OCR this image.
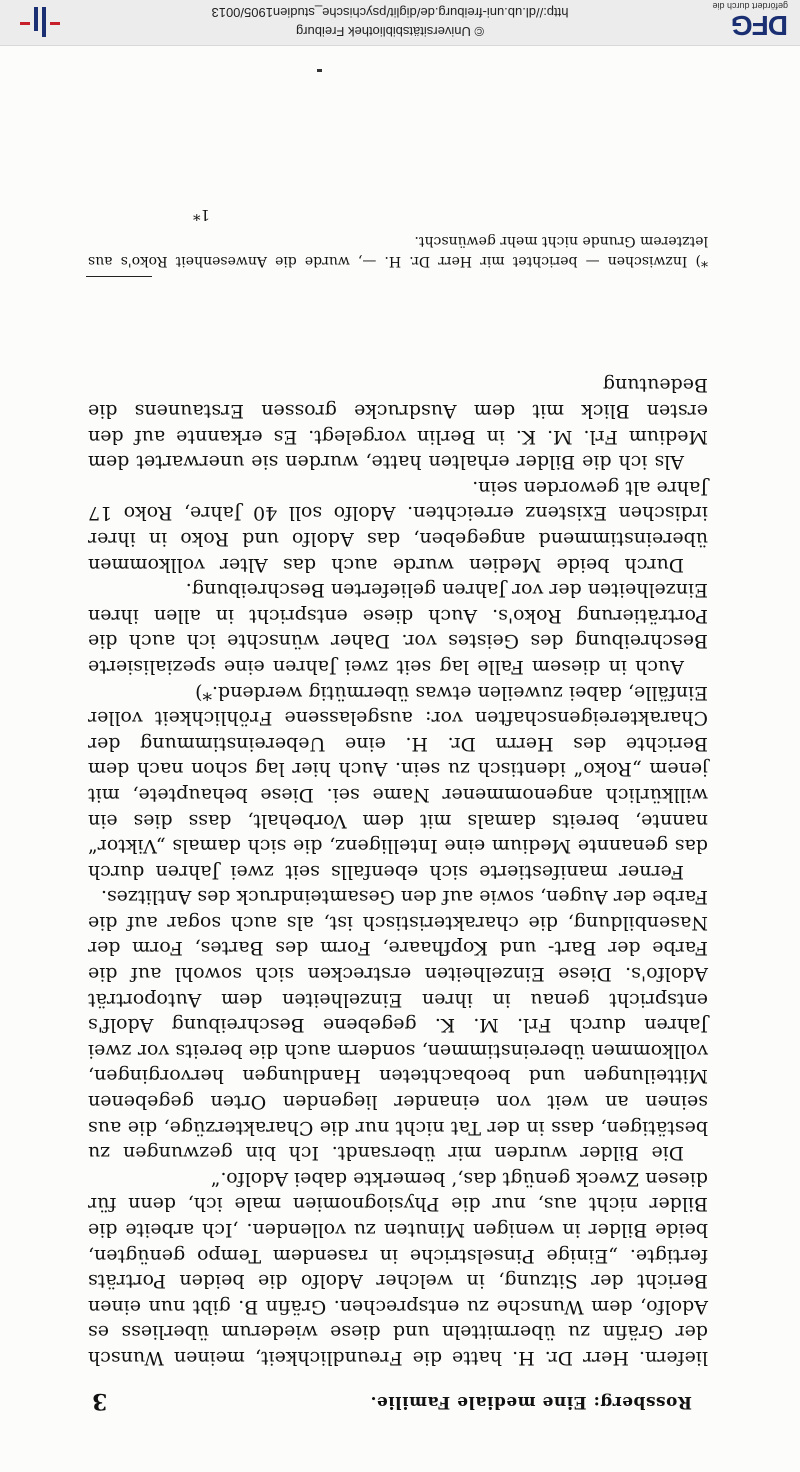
Rossberg: Eine mediale Familie.
3

liefern. Herr Dr. H. hatte die Freundlichkeit, meinen Wunsch der Gräfin zu übermitteln und diese wiederum überliess es Adolfo, dem Wunsche zu entsprechen. Gräfin B. gibt nun einen Bericht der Sitzung, in welcher Adolfo die beiden Porträts fertigte. „Einige Pinselstriche in rasendem Tempo genügten, beide Bilder in wenigen Minuten zu vollenden. ‚Ich arbeite die Bilder nicht aus, nur die Physiognomien male ich, denn für diesen Zweck genügt das,‘ bemerkte dabei Adolfo.“

Die Bilder wurden mir übersandt. Ich bin gezwungen zu bestätigen, dass in der Tat nicht nur die Charakterzüge, die aus seinen an weit von einander liegenden Orten gegebenen Mitteilungen und beobachteten Handlungen hervorgingen, vollkommen übereinstimmen, sondern auch die bereits vor zwei Jahren durch Frl. M. K. gegebene Beschreibung Adolf's entspricht genau in ihren Einzelheiten dem Autoporträt Adolfo's. Diese Einzelheiten erstrecken sich sowohl auf die Farbe der Bart- und Kopfhaare, Form des Bartes, Form der Nasenbildung, die charakteristisch ist, als auch sogar auf die Farbe der Augen, sowie auf den Gesamteindruck des Antlitzes.

Ferner manifestierte sich ebenfalls seit zwei Jahren durch das genannte Medium eine Intelligenz, die sich damals „Viktor“ nannte, bereits damals mit dem Vorbehalt, dass dies ein willkürlich angenommener Name sei. Diese behauptete, mit jenem „Roko“ identisch zu sein. Auch hier lag schon nach dem Berichte des Herrn Dr. H. eine Uebereinstimmung der Charaktereigenschaften vor: ausgelassene Fröhlichkeit voller Einfälle, dabei zuweilen etwas übermütig werdend.*)

Auch in diesem Falle lag seit zwei Jahren eine spezialisierte Beschreibung des Geistes vor. Daher wünschte ich auch die Porträtierung Roko's. Auch diese entspricht in allen ihren Einzelheiten der vor Jahren gelieferten Beschreibung.

Durch beide Medien wurde auch das Alter vollkommen übereinstimmend angegeben, das Adolfo und Roko in ihrer irdischen Existenz erreichten. Adolfo soll 40 Jahre, Roko 17 Jahre alt geworden sein.

Als ich die Bilder erhalten hatte, wurden sie unerwartet dem Medium Frl. M. K. in Berlin vorgelegt. Es erkannte auf den ersten Blick mit dem Ausdrucke grossen Erstaunens die Bedeutung

*) Inzwischen — berichtet mir Herr Dr. H. —, wurde die Anwesenheit Roko's aus letzterem Grunde nicht mehr gewünscht.
1*
DFG
gefördert durch die
© Universitätsbibliothek Freiburg
http://dl.ub.uni-freiburg.de/diglit/psychische_studien1905/0013
